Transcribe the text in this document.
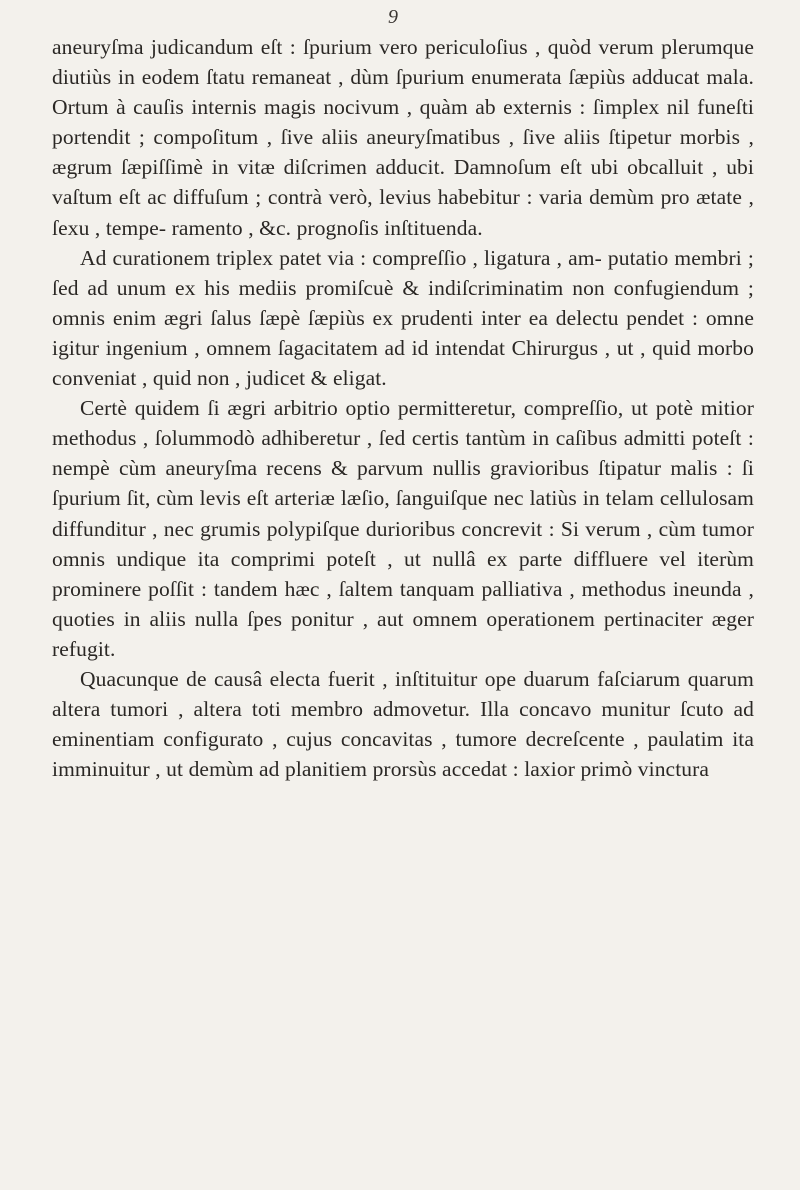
9

aneuryſma judicandum eſt : ſpurium vero periculoſius , quòd verum plerumque diutiùs in eodem ſtatu remaneat , dùm ſpurium enumerata ſæpiùs adducat mala. Ortum à cauſis internis magis nocivum , quàm ab externis : ſimplex nil funeſti portendit ; compoſitum , ſive aliis aneuryſmatibus , ſive aliis ſtipetur morbis , ægrum ſæpiſſimè in vitæ diſcrimen adducit. Damnoſum eſt ubi obcalluit , ubi vaſtum eſt ac diffuſum ; contrà verò, levius habebitur : varia demùm pro ætate , ſexu , tempe- ramento , &c. prognoſis inſtituenda.

Ad curationem triplex patet via : compreſſio , ligatura , am- putatio membri ; ſed ad unum ex his mediis promiſcuè & indiſcriminatim non confugiendum ; omnis enim ægri ſalus ſæpè ſæpiùs ex prudenti inter ea delectu pendet : omne igitur ingenium , omnem ſagacitatem ad id intendat Chirurgus , ut , quid morbo conveniat , quid non , judicet & eligat.

Certè quidem ſi ægri arbitrio optio permitteretur, compreſſio, ut potè mitior methodus , ſolummodò adhiberetur , ſed certis tantùm in caſibus admitti poteſt : nempè cùm aneuryſma recens & parvum nullis gravioribus ſtipatur malis : ſi ſpurium ſit, cùm levis eſt arteriæ læſio, ſanguiſque nec latiùs in telam cellulosam diffunditur , nec grumis polypiſque durioribus concrevit : Si verum , cùm tumor omnis undique ita comprimi poteſt , ut nullâ ex parte diffluere vel iterùm prominere poſſit : tandem hæc , ſaltem tanquam palliativa , methodus ineunda , quoties in aliis nulla ſpes ponitur , aut omnem operationem pertinaciter æger refugit.

Quacunque de causâ electa fuerit , inſtituitur ope duarum faſciarum quarum altera tumori , altera toti membro admovetur. Illa concavo munitur ſcuto ad eminentiam configurato , cujus concavitas , tumore decreſcente , paulatim ita imminuitur , ut demùm ad planitiem prorsùs accedat : laxior primò vinctura
